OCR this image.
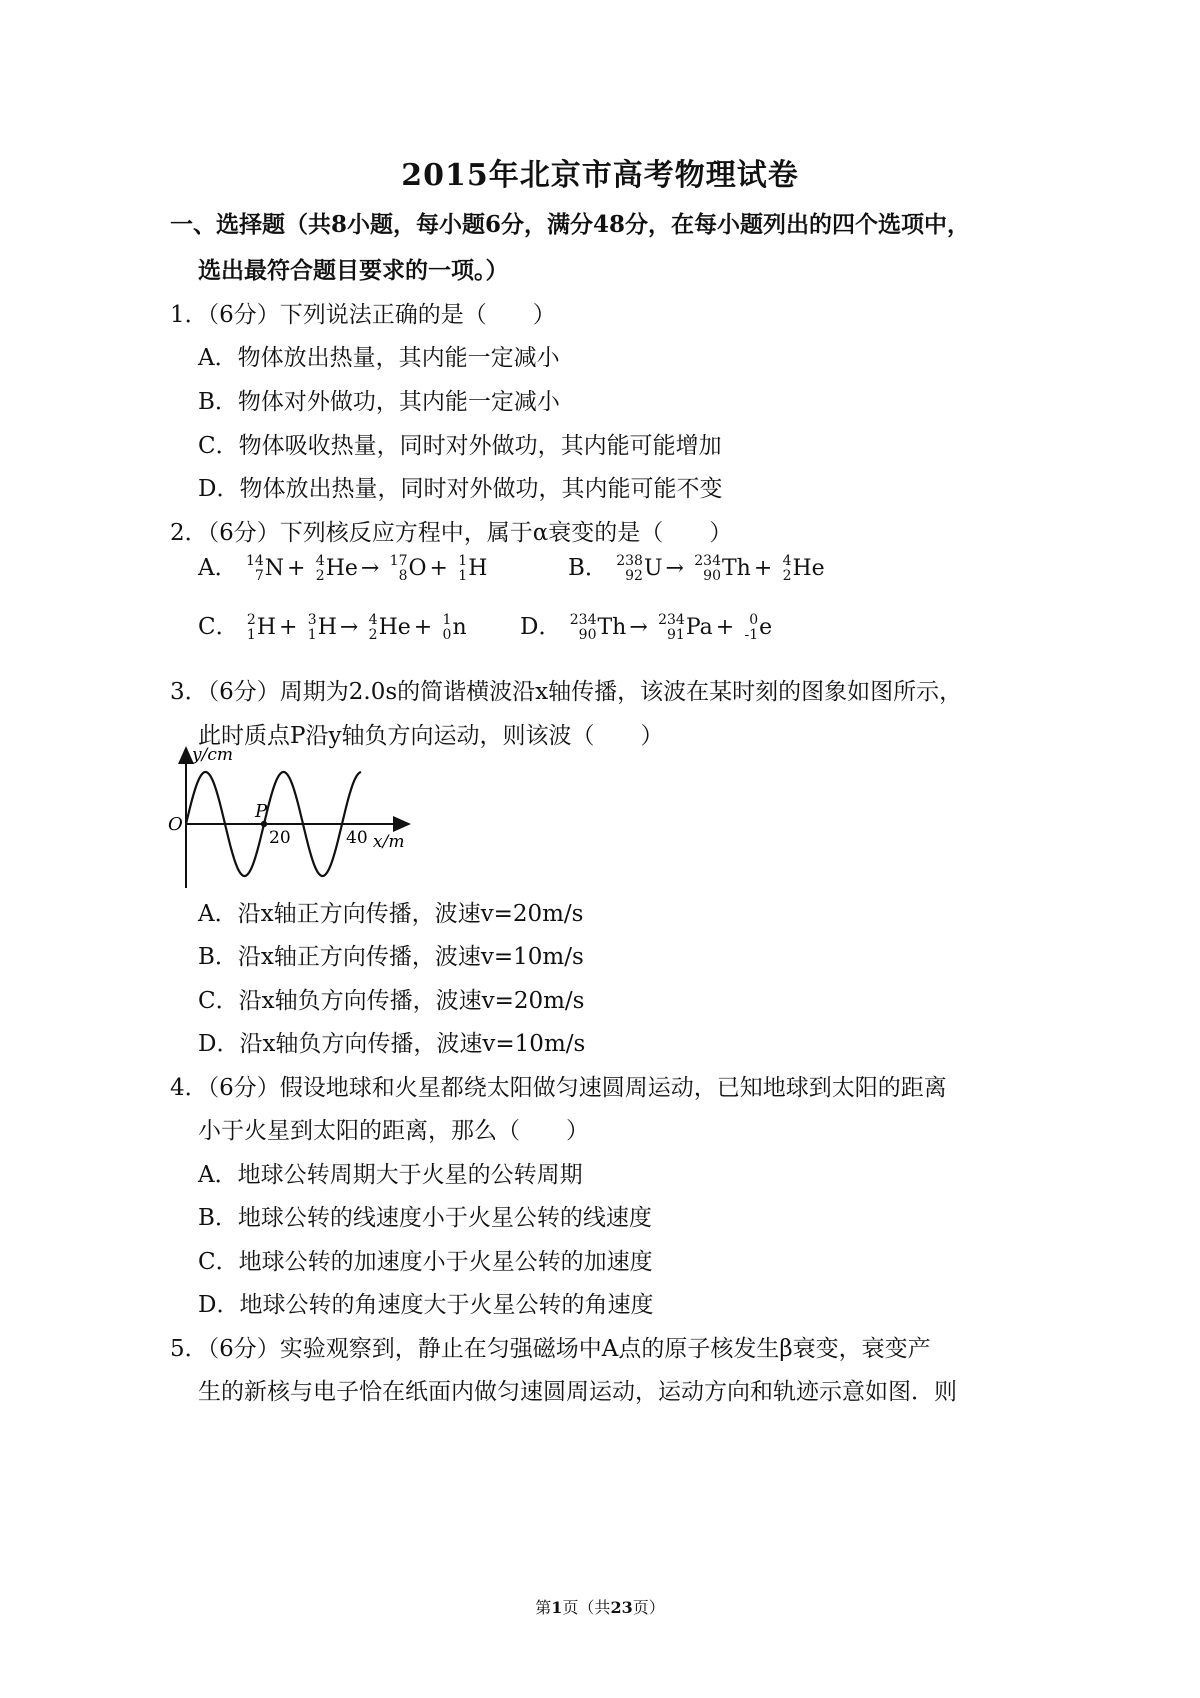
2015年北京市高考物理试卷
一、选择题（共8小题，每小题6分，满分48分，在每小题列出的四个选项中，
选出最符合题目要求的一项。）
1．（6分）下列说法正确的是（　　）
A．物体放出热量，其内能一定减小
B．物体对外做功，其内能一定减小
C．物体吸收热量，同时对外做功，其内能可能增加
D．物体放出热量，同时对外做功，其内能可能不变
2．（6分）下列核反应方程中，属于α衰变的是（　　）
A． 14
7 N + 4
2 He → 17
8 O + 1
1 H	B． 238
92 U → 234
90 Th + 4
2 He
C． 2
1 H + 3
1 H → 4
2 He + 1
0 n D． 234
90 Th → 234
91 Pa + 0
-1 e
3．（6分）周期为2.0s的简谐横波沿x轴传播，该波在某时刻的图象如图所示，
此时质点P沿y轴负方向运动，则该波（　　）
y/cm
x/m
O
P
20	40
A．沿x轴正方向传播，波速v=20m/s
B．沿x轴正方向传播，波速v=10m/s
C．沿x轴负方向传播，波速v=20m/s
D．沿x轴负方向传播，波速v=10m/s
4．（6分）假设地球和火星都绕太阳做匀速圆周运动，已知地球到太阳的距离
小于火星到太阳的距离，那么（　　）
A．地球公转周期大于火星的公转周期
B．地球公转的线速度小于火星公转的线速度
C．地球公转的加速度小于火星公转的加速度
D．地球公转的角速度大于火星公转的角速度
5．（6分）实验观察到，静止在匀强磁场中A点的原子核发生β衰变，衰变产
生的新核与电子恰在纸面内做匀速圆周运动，运动方向和轨迹示意如图．则
第1页（共23页）
